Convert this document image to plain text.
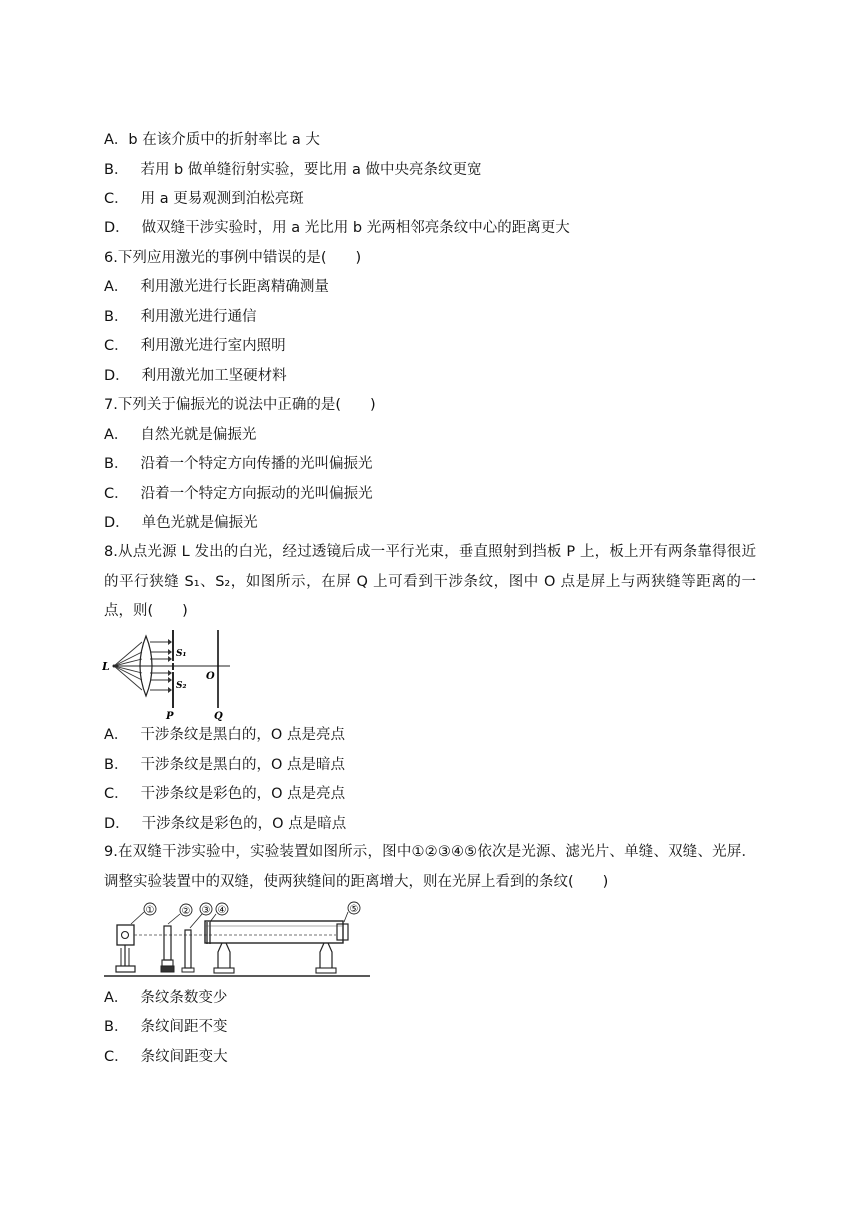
A．b 在该介质中的折射率比 a 大
B． 若用 b 做单缝衍射实验，要比用 a 做中央亮条纹更宽
C． 用 a 更易观测到泊松亮斑
D． 做双缝干涉实验时，用 a 光比用 b 光两相邻亮条纹中心的距离更大
6.下列应用激光的事例中错误的是(　　)
A． 利用激光进行长距离精确测量
B． 利用激光进行通信
C． 利用激光进行室内照明
D． 利用激光加工坚硬材料
7.下列关于偏振光的说法中正确的是(　　)
A． 自然光就是偏振光
B． 沿着一个特定方向传播的光叫偏振光
C． 沿着一个特定方向振动的光叫偏振光
D． 单色光就是偏振光
8.从点光源 L 发出的白光，经过透镜后成一平行光束，垂直照射到挡板 P 上，板上开有两条靠得很近的平行狭缝 S₁、S₂，如图所示，在屏 Q 上可看到干涉条纹，图中 O 点是屏上与两狭缝等距离的一点，则(　　)
L
S₁
S₂
P
O
Q
A． 干涉条纹是黑白的，O 点是亮点
B． 干涉条纹是黑白的，O 点是暗点
C． 干涉条纹是彩色的，O 点是亮点
D． 干涉条纹是彩色的，O 点是暗点
9.在双缝干涉实验中，实验装置如图所示，图中①②③④⑤依次是光源、滤光片、单缝、双缝、光屏．调整实验装置中的双缝，使两狭缝间的距离增大，则在光屏上看到的条纹(　　)
①	② ③ ④	⑤
A． 条纹条数变少
B． 条纹间距不变
C． 条纹间距变大
